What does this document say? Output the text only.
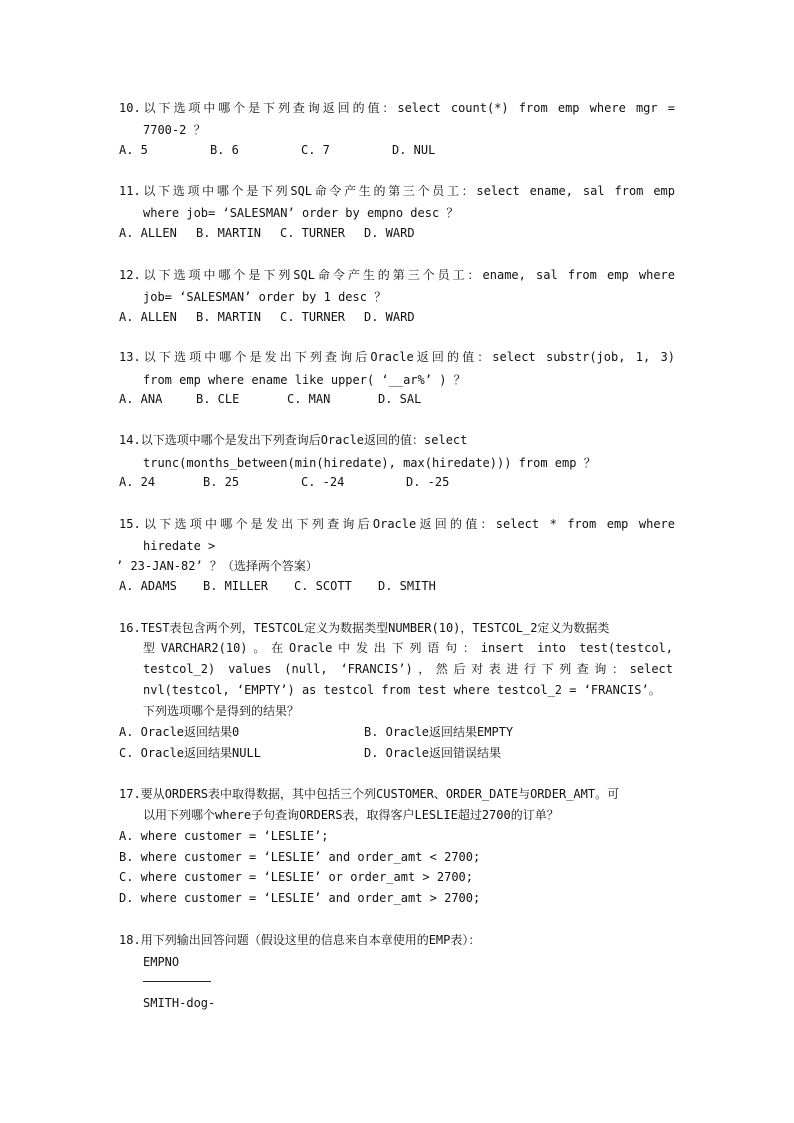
10.以下选项中哪个是下列查询返回的值：select count(*) from emp where mgr =
7700-2 ？
A. 5	B. 6	C. 7	D. NUL
11.以下选项中哪个是下列SQL命令产生的第三个员工：select ename, sal from emp
where job= ‘SALESMAN’ order by empno desc ？
A. ALLEN B. MARTIN C. TURNER D. WARD
12.以下选项中哪个是下列SQL命令产生的第三个员工：ename, sal from emp where
job= ‘SALESMAN’ order by 1 desc ？
A. ALLEN B. MARTIN C. TURNER D. WARD
13.以下选项中哪个是发出下列查询后Oracle返回的值：select substr(job, 1, 3)
from emp where ename like upper( ‘__ar%’ ) ？
A. ANA	B. CLE	C. MAN	D. SAL
14.以下选项中哪个是发出下列查询后Oracle返回的值：select
trunc(months_between(min(hiredate), max(hiredate))) from emp ？
A. 24	B. 25	C. -24	D. -25
15.以下选项中哪个是发出下列查询后Oracle返回的值：select * from emp where
hiredate >
’ 23-JAN-82’ ？（选择两个答案）
A. ADAMS B. MILLER C. SCOTT D. SMITH
16.TEST表包含两个列，TESTCOL定义为数据类型NUMBER(10)，TESTCOL_2定义为数据类
型VARCHAR2(10)。在Oracle中发出下列语句：insert into test(testcol,
testcol_2) values (null, ‘FRANCIS’)，然后对表进行下列查询：select
nvl(testcol, ‘EMPTY’) as testcol from test where testcol_2 = ‘FRANCIS’。
下列选项哪个是得到的结果？
A. Oracle返回结果0	B. Oracle返回结果EMPTY
C. Oracle返回结果NULL	D. Oracle返回错误结果
17.要从ORDERS表中取得数据，其中包括三个列CUSTOMER、ORDER_DATE与ORDER_AMT。可
以用下列哪个where子句查询ORDERS表，取得客户LESLIE超过2700的订单？
A. where customer = ‘LESLIE’;
B. where customer = ‘LESLIE’ and order_amt < 2700;
C. where customer = ‘LESLIE’ or order_amt > 2700;
D. where customer = ‘LESLIE’ and order_amt > 2700;
18.用下列输出回答问题（假设这里的信息来自本章使用的EMP表）：
EMPNO
SMITH-dog-
